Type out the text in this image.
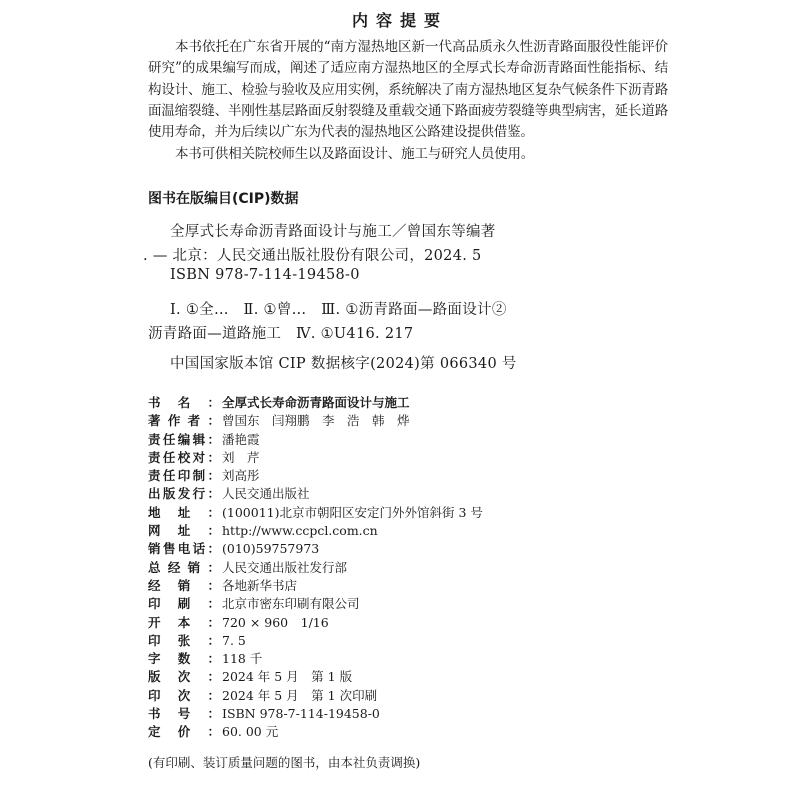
内容提要
本书依托在广东省开展的“南方湿热地区新一代高品质永久性沥青路面服役性能评价研究”的成果编写而成，阐述了适应南方湿热地区的全厚式长寿命沥青路面性能指标、结构设计、施工、检验与验收及应用实例，系统解决了南方湿热地区复杂气候条件下沥青路面温缩裂缝、半刚性基层路面反射裂缝及重载交通下路面疲劳裂缝等典型病害，延长道路使用寿命，并为后续以广东为代表的湿热地区公路建设提供借鉴。
本书可供相关院校师生以及路面设计、施工与研究人员使用。
图书在版编目(CIP)数据
全厚式长寿命沥青路面设计与施工／曾国东等编著
. — 北京：人民交通出版社股份有限公司，2024. 5
ISBN 978-7-114-19458-0
Ⅰ. ①全…　Ⅱ. ①曾…　Ⅲ. ①沥青路面—路面设计②
沥青路面—道路施工　Ⅳ. ①U416. 217
中国国家版本馆 CIP 数据核字(2024)第 066340 号
书 名 ： 全厚式长寿命沥青路面设计与施工
著 作 者 ： 曾国东　闫翔鹏　李　浩　韩　烨
责 任 编 辑 ： 潘艳霞
责 任 校 对 ： 刘　芹
责 任 印 制 ： 刘高彤
出 版 发 行 ： 人民交通出版社
地 址 ： (100011)北京市朝阳区安定门外外馆斜街 3 号
网 址 ： http://www.ccpcl.com.cn
销 售 电 话 ： (010)59757973
总 经 销 ： 人民交通出版社发行部
经 销 ： 各地新华书店
印 刷 ： 北京市密东印刷有限公司
开 本 ： 720 × 960　1/16
印 张 ： 7. 5
字 数 ： 118 千
版 次 ： 2024 年 5 月　第 1 版
印 次 ： 2024 年 5 月　第 1 次印刷
书 号 ： ISBN 978-7-114-19458-0
定 价 ： 60. 00 元
(有印刷、装订质量问题的图书，由本社负责调换)
